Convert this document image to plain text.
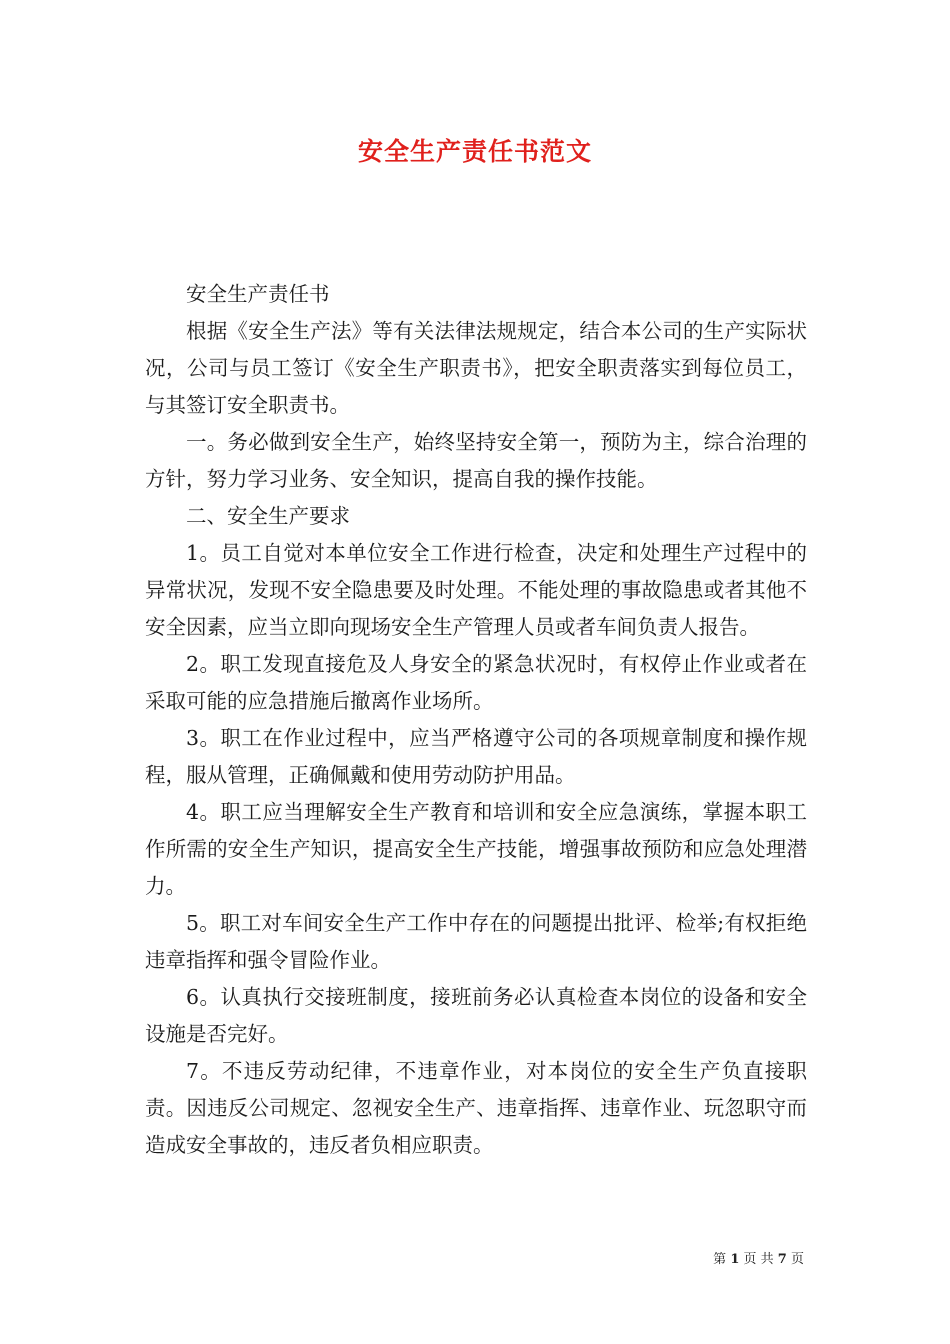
安全生产责任书范文

安全生产责任书

根据《安全生产法》等有关法律法规规定，结合本公司的生产实际状况，公司与员工签订《安全生产职责书》，把安全职责落实到每位员工，与其签订安全职责书。

一。务必做到安全生产，始终坚持安全第一，预防为主，综合治理的方针，努力学习业务、安全知识，提高自我的操作技能。

二、安全生产要求

1。员工自觉对本单位安全工作进行检查，决定和处理生产过程中的异常状况，发现不安全隐患要及时处理。不能处理的事故隐患或者其他不安全因素，应当立即向现场安全生产管理人员或者车间负责人报告。

2。职工发现直接危及人身安全的紧急状况时，有权停止作业或者在采取可能的应急措施后撤离作业场所。

3。职工在作业过程中，应当严格遵守公司的各项规章制度和操作规程，服从管理，正确佩戴和使用劳动防护用品。

4。职工应当理解安全生产教育和培训和安全应急演练，掌握本职工作所需的安全生产知识，提高安全生产技能，增强事故预防和应急处理潜力。

5。职工对车间安全生产工作中存在的问题提出批评、检举;有权拒绝违章指挥和强令冒险作业。

6。认真执行交接班制度，接班前务必认真检查本岗位的设备和安全设施是否完好。

7。不违反劳动纪律，不违章作业，对本岗位的安全生产负直接职责。因违反公司规定、忽视安全生产、违章指挥、违章作业、玩忽职守而造成安全事故的，违反者负相应职责。

第 1 页 共 7 页
